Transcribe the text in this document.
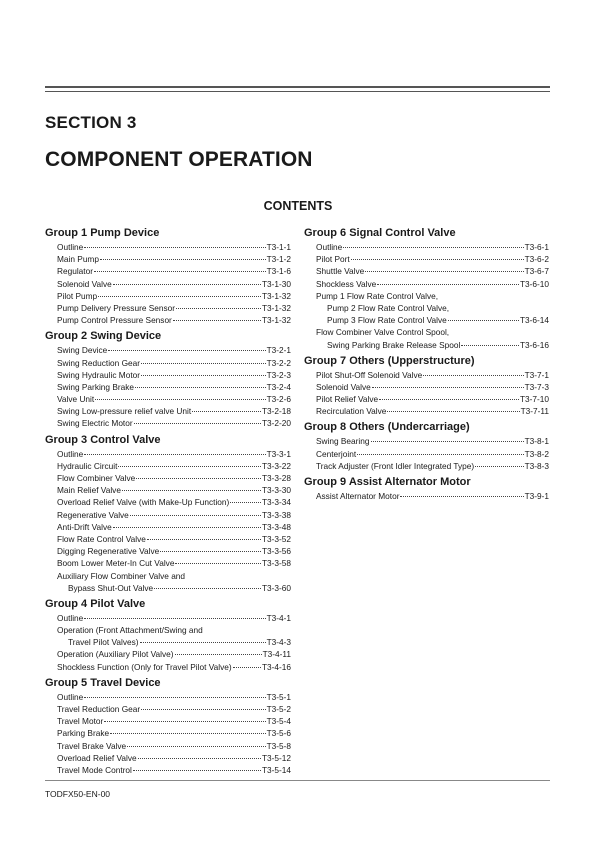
SECTION 3
COMPONENT OPERATION
CONTENTS
Group 1 Pump Device
Outline	T3-1-1
Main Pump	T3-1-2
Regulator	T3-1-6
Solenoid Valve	T3-1-30
Pilot Pump	T3-1-32
Pump Delivery Pressure Sensor	T3-1-32
Pump Control Pressure Sensor	T3-1-32
Group 2 Swing Device
Swing Device	T3-2-1
Swing Reduction Gear	T3-2-2
Swing Hydraulic Motor	T3-2-3
Swing Parking Brake	T3-2-4
Valve Unit	T3-2-6
Swing Low-pressure relief valve Unit	T3-2-18
Swing Electric Motor	T3-2-20
Group 3 Control Valve
Outline	T3-3-1
Hydraulic Circuit	T3-3-22
Flow Combiner Valve	T3-3-28
Main Relief Valve	T3-3-30
Overload Relief Valve (with Make-Up Function)	T3-3-34
Regenerative Valve	T3-3-38
Anti-Drift Valve	T3-3-48
Flow Rate Control Valve	T3-3-52
Digging Regenerative Valve	T3-3-56
Boom Lower Meter-In Cut Valve	T3-3-58
Auxiliary Flow Combiner Valve and
Bypass Shut-Out Valve	T3-3-60
Group 4 Pilot Valve
Outline	T3-4-1
Operation (Front Attachment/Swing and
Travel Pilot Valves)	T3-4-3
Operation (Auxiliary Pilot Valve)	T3-4-11
Shockless Function (Only for Travel Pilot Valve)	T3-4-16
Group 5 Travel Device
Outline	T3-5-1
Travel Reduction Gear	T3-5-2
Travel Motor	T3-5-4
Parking Brake	T3-5-6
Travel Brake Valve	T3-5-8
Overload Relief Valve	T3-5-12
Travel Mode Control	T3-5-14
Group 6 Signal Control Valve
Outline	T3-6-1
Pilot Port	T3-6-2
Shuttle Valve	T3-6-7
Shockless Valve	T3-6-10
Pump 1 Flow Rate Control Valve,
Pump 2 Flow Rate Control Valve,
Pump 3 Flow Rate Control Valve	T3-6-14
Flow Combiner Valve Control Spool,
Swing Parking Brake Release Spool	T3-6-16
Group 7 Others (Upperstructure)
Pilot Shut-Off Solenoid Valve	T3-7-1
Solenoid Valve	T3-7-3
Pilot Relief Valve	T3-7-10
Recirculation Valve	T3-7-11
Group 8 Others (Undercarriage)
Swing Bearing	T3-8-1
Centerjoint	T3-8-2
Track Adjuster (Front Idler Integrated Type)	T3-8-3
Group 9 Assist Alternator Motor
Assist Alternator Motor	T3-9-1
TODFX50-EN-00
